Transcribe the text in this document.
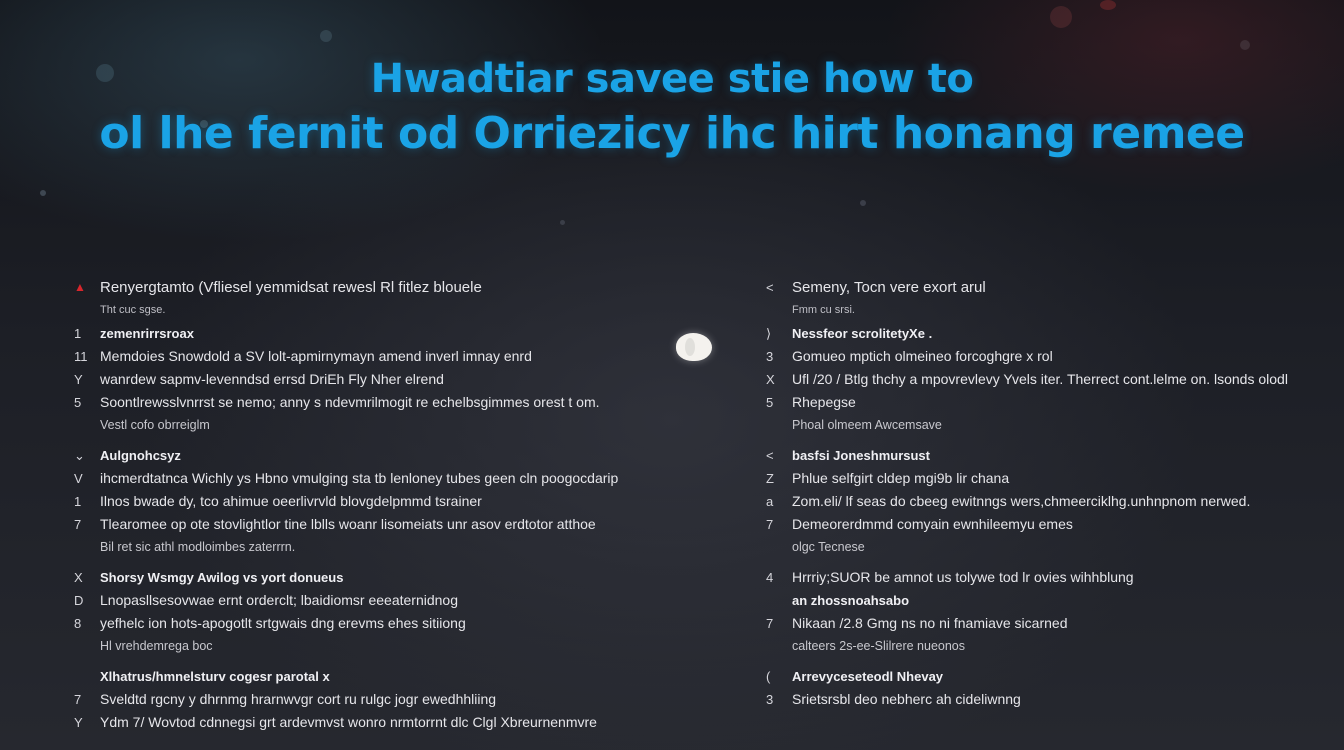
Hwadtiar savee stie how to
ol lhe fernit od Orriezicy ihc hirt honang remee
▲ Renyergtamto (Vfliesel yemmidsat rewesl Rl fitlez blouele
Tht cuc sgse.
1	zemenrirrsroax
11 Memdoies Snowdold a SV lolt-apmirnymayn amend inverl imnay enrd
Y	wanrdew sapmv-levenndsd errsd DriEh Fly Nher elrend
5	Soontlrewsslvnrrst se nemo; anny s ndevmrilmogit re echelbsgimmes orest t om.
Vestl cofo obrreiglm
⌄	Aulgnohcsyz
V	ihcmerdtatnca Wichly ys Hbno vmulging sta tb lenloney tubes geen cln poogocdarip
1	Ilnos bwade dy, tco ahimue oeerlivrvld blovgdelpmmd tsrainer
7	Tlearomee op ote stovlightlor tine lblls woanr lisomeiats unr asov erdtotor atthoe
Bil ret sic athl modloimbes zaterrrn.
X	Shorsy Wsmgy Awilog vs yort donueus
D	Lnopasllsesovwae ernt orderclt; lbaidiomsr eeeaternidnog
8	yefhelc ion hots-apogotlt srtgwais dng erevms ehes sitiiong
Hl vrehdemrega boc
Xlhatrus/hmnelsturv cogesr parotal x
7	Sveldtd rgcny y dhrnmg hrarnwvgr cort ru rulgc jogr ewedhhliing
Y	Ydm 7/ Wovtod cdnnegsi grt ardevmvst wonro nrmtorrnt dlc Clgl Xbreurnenmvre
<	Semeny, Tocn vere exort arul
Fmm cu srsi.
⟩	Nessfeor scrolitetyXe .
3	Gomueo mptich olmeineo forcoghgre x rol
X	Ufl /20 / Btlg thchy a mpovrevlevy Yvels iter. Therrect cont.lelme on. lsonds olodl
5	Rhepegse
Phoal olmeem Awcemsave
<	basfsi Joneshmursust
Z	Phlue selfgirt cldep mgi9b lir chana
a	Zom.eli/ lf seas do cbeeg ewitnngs wers,chmeerciklhg.unhnpnom nerwed.
7	Demeorerdmmd comyain ewnhileemyu emes
olgc Tecnese
4	Hrrriy;SUOR be amnot us tolywe tod lr ovies wihhblung
an zhossnoahsabo
7	Nikaan /2.8 Gmg ns no ni fnamiave sicarned
calteers 2s-ee-Slilrere nueonos
(	Arrevyceseteodl Nhevay
3	Srietsrsbl deo nebherc ah cideliwnng
